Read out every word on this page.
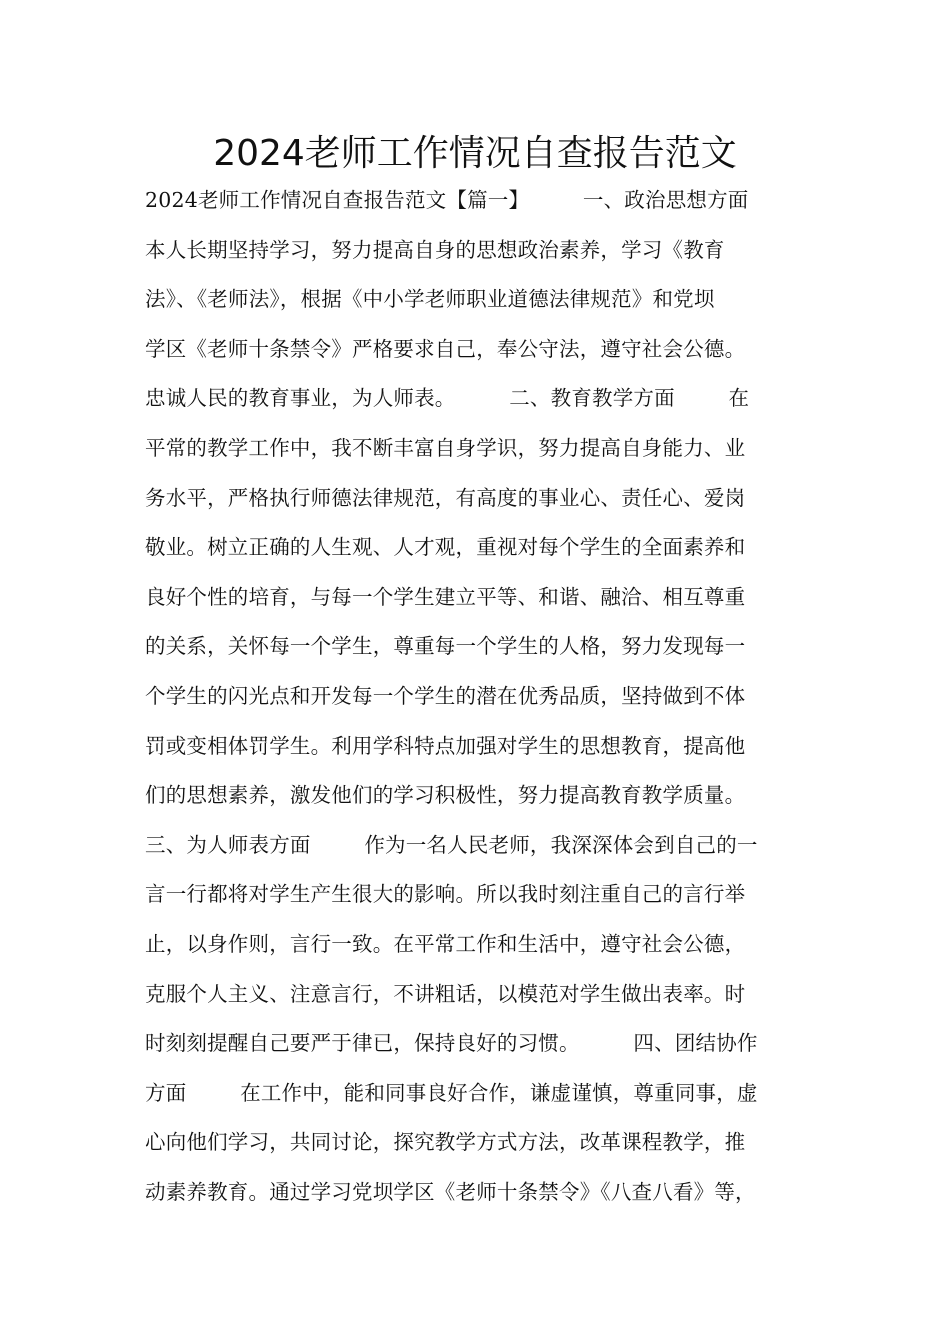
2024老师工作情况自查报告范文
2024老师工作情况自查报告范文【篇一】        一、政治思想方面
本人长期坚持学习，努力提高自身的思想政治素养，学习《教育
法》、《老师法》，根据《中小学老师职业道德法律规范》和党坝
学区《老师十条禁令》严格要求自己，奉公守法，遵守社会公德。
忠诚人民的教育事业，为人师表。        二、教育教学方面        在
平常的教学工作中，我不断丰富自身学识，努力提高自身能力、业
务水平，严格执行师德法律规范，有高度的事业心、责任心、爱岗
敬业。树立正确的人生观、人才观，重视对每个学生的全面素养和
良好个性的培育，与每一个学生建立平等、和谐、融洽、相互尊重
的关系，关怀每一个学生，尊重每一个学生的人格，努力发现每一
个学生的闪光点和开发每一个学生的潜在优秀品质，坚持做到不体
罚或变相体罚学生。利用学科特点加强对学生的思想教育，提高他
们的思想素养，激发他们的学习积极性，努力提高教育教学质量。
三、为人师表方面        作为一名人民老师，我深深体会到自己的一
言一行都将对学生产生很大的影响。所以我时刻注重自己的言行举
止，以身作则，言行一致。在平常工作和生活中，遵守社会公德，
克服个人主义、注意言行，不讲粗话，以模范对学生做出表率。时
时刻刻提醒自己要严于律已，保持良好的习惯。        四、团结协作
方面        在工作中，能和同事良好合作，谦虚谨慎，尊重同事，虚
心向他们学习，共同讨论，探究教学方式方法，改革课程教学，推
动素养教育。通过学习党坝学区《老师十条禁令》《八查八看》等，
